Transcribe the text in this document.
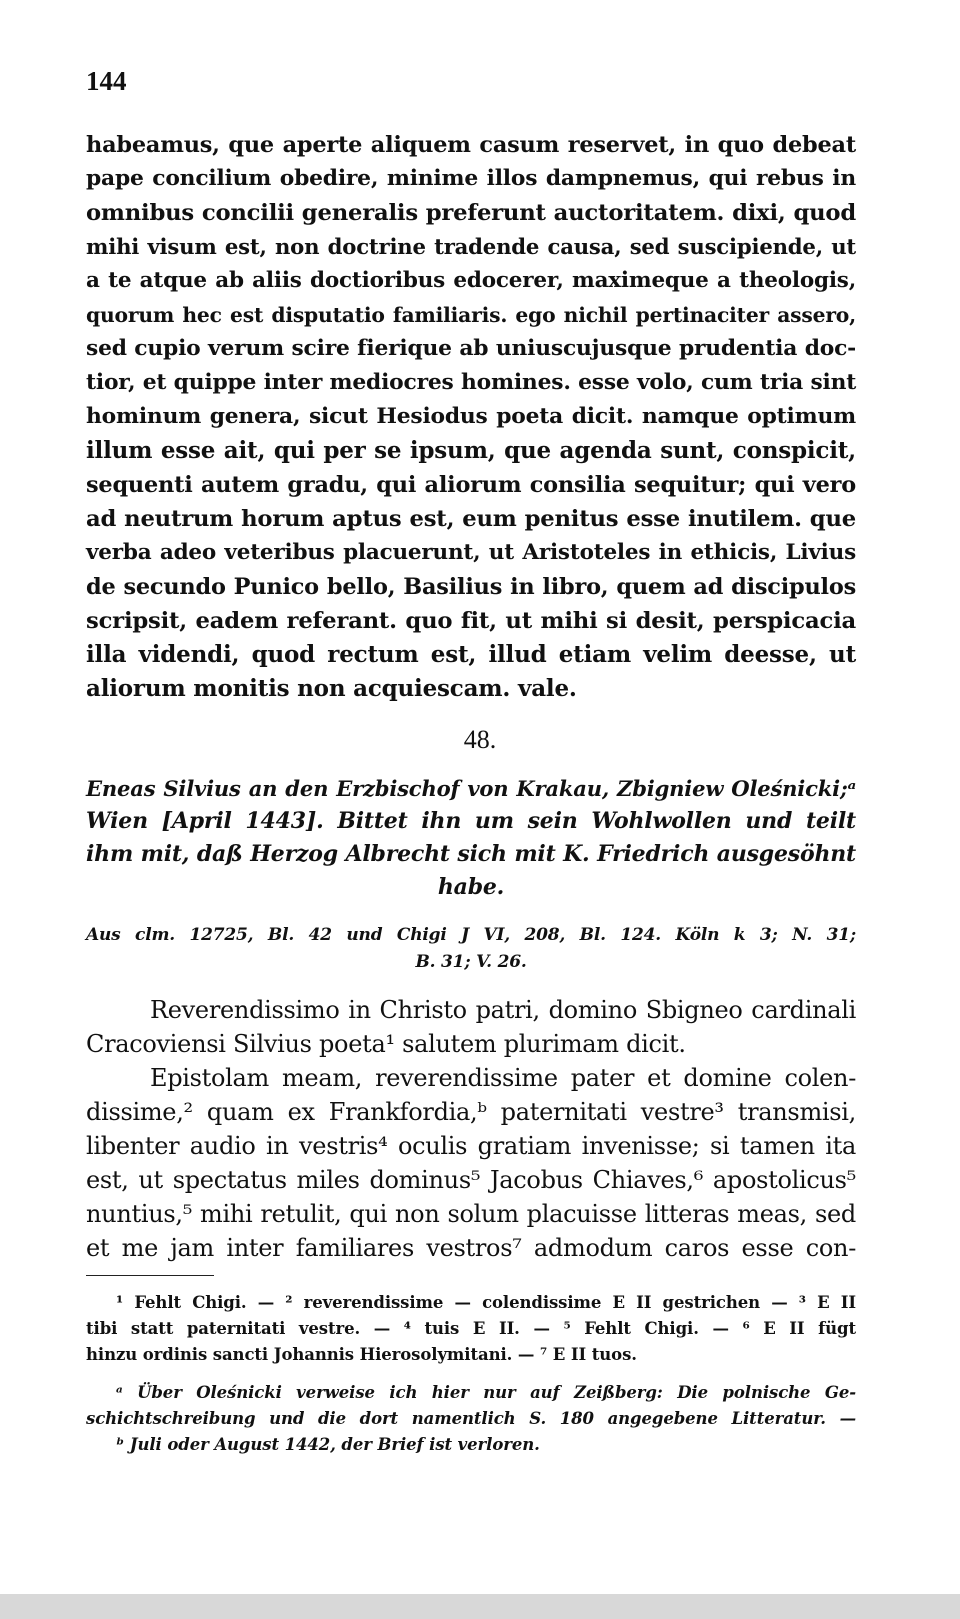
144
habeamus, que aperte aliquem casum reservet, in quo debeat
pape concilium obedire, minime illos dampnemus, qui rebus in
omnibus concilii generalis preferunt auctoritatem. dixi, quod
mihi visum est, non doctrine tradende causa, sed suscipiende, ut
a te atque ab aliis doctioribus edocerer, maximeque a theologis,
quorum hec est disputatio familiaris. ego nichil pertinaciter assero,
sed cupio verum scire fierique ab uniuscujusque prudentia doc-
tior, et quippe inter mediocres homines. esse volo, cum tria sint
hominum genera, sicut Hesiodus poeta dicit. namque optimum
illum esse ait, qui per se ipsum, que agenda sunt, conspicit,
sequenti autem gradu, qui aliorum consilia sequitur; qui vero
ad neutrum horum aptus est, eum penitus esse inutilem. que
verba adeo veteribus placuerunt, ut Aristoteles in ethicis, Livius
de secundo Punico bello, Basilius in libro, quem ad discipulos
scripsit, eadem referant. quo fit, ut mihi si desit, perspicacia
illa videndi, quod rectum est, illud etiam velim deesse, ut
aliorum monitis non acquiescam. vale.
48.
Eneas Silvius an den Erzbischof von Krakau, Zbigniew Oleśnicki;ᵃ
Wien [April 1443]. Bittet ihn um sein Wohlwollen und teilt
ihm mit, daß Herzog Albrecht sich mit K. Friedrich ausgesöhnt
habe.
Aus clm. 12725, Bl. 42 und Chigi J VI, 208, Bl. 124. Köln k 3; N. 31;
B. 31; V. 26.
Reverendissimo in Christo patri, domino Sbigneo cardinali
Cracoviensi Silvius poeta¹ salutem plurimam dicit.
Epistolam meam, reverendissime pater et domine colen-
dissime,² quam ex Frankfordia,ᵇ paternitati vestre³ transmisi,
libenter audio in vestris⁴ oculis gratiam invenisse; si tamen ita
est, ut spectatus miles dominus⁵ Jacobus Chiaves,⁶ apostolicus⁵
nuntius,⁵ mihi retulit, qui non solum placuisse litteras meas, sed
et me jam inter familiares vestros⁷ admodum caros esse con-
¹ Fehlt Chigi. — ² reverendissime — colendissime E II gestrichen — ³ E II
tibi statt paternitati vestre. — ⁴ tuis E II. — ⁵ Fehlt Chigi. — ⁶ E II fügt
hinzu ordinis sancti Johannis Hierosolymitani. — ⁷ E II tuos.
ᵃ Über Oleśnicki verweise ich hier nur auf Zeißberg: Die polnische Ge-
schichtschreibung und die dort namentlich S. 180 angegebene Litteratur. —
ᵇ Juli oder August 1442, der Brief ist verloren.
